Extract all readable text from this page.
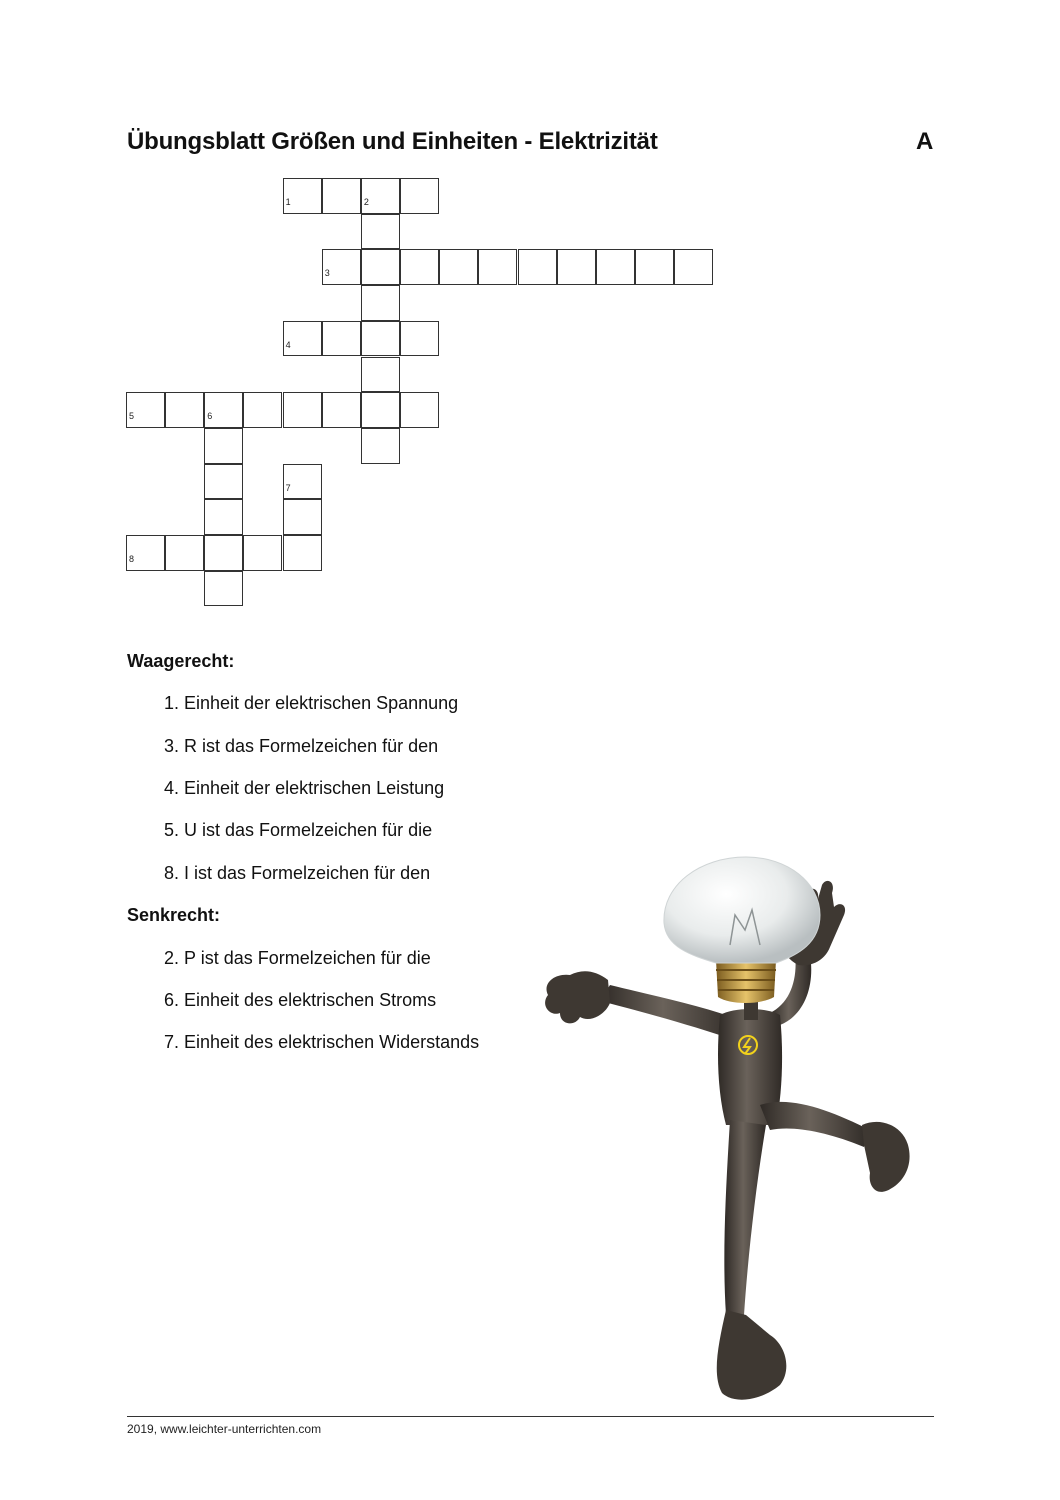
Übungsblatt Größen und Einheiten - Elektrizität	A
1	2
3
4
5	6
7
8
Waagerecht:
1. Einheit der elektrischen Spannung
3. R ist das Formelzeichen für den
4. Einheit der elektrischen Leistung
5. U ist das Formelzeichen für die
8. I ist das Formelzeichen für den
Senkrecht:
2. P ist das Formelzeichen für die
6. Einheit des elektrischen Stroms
7. Einheit des elektrischen Widerstands
2019, www.leichter-unterrichten.com
